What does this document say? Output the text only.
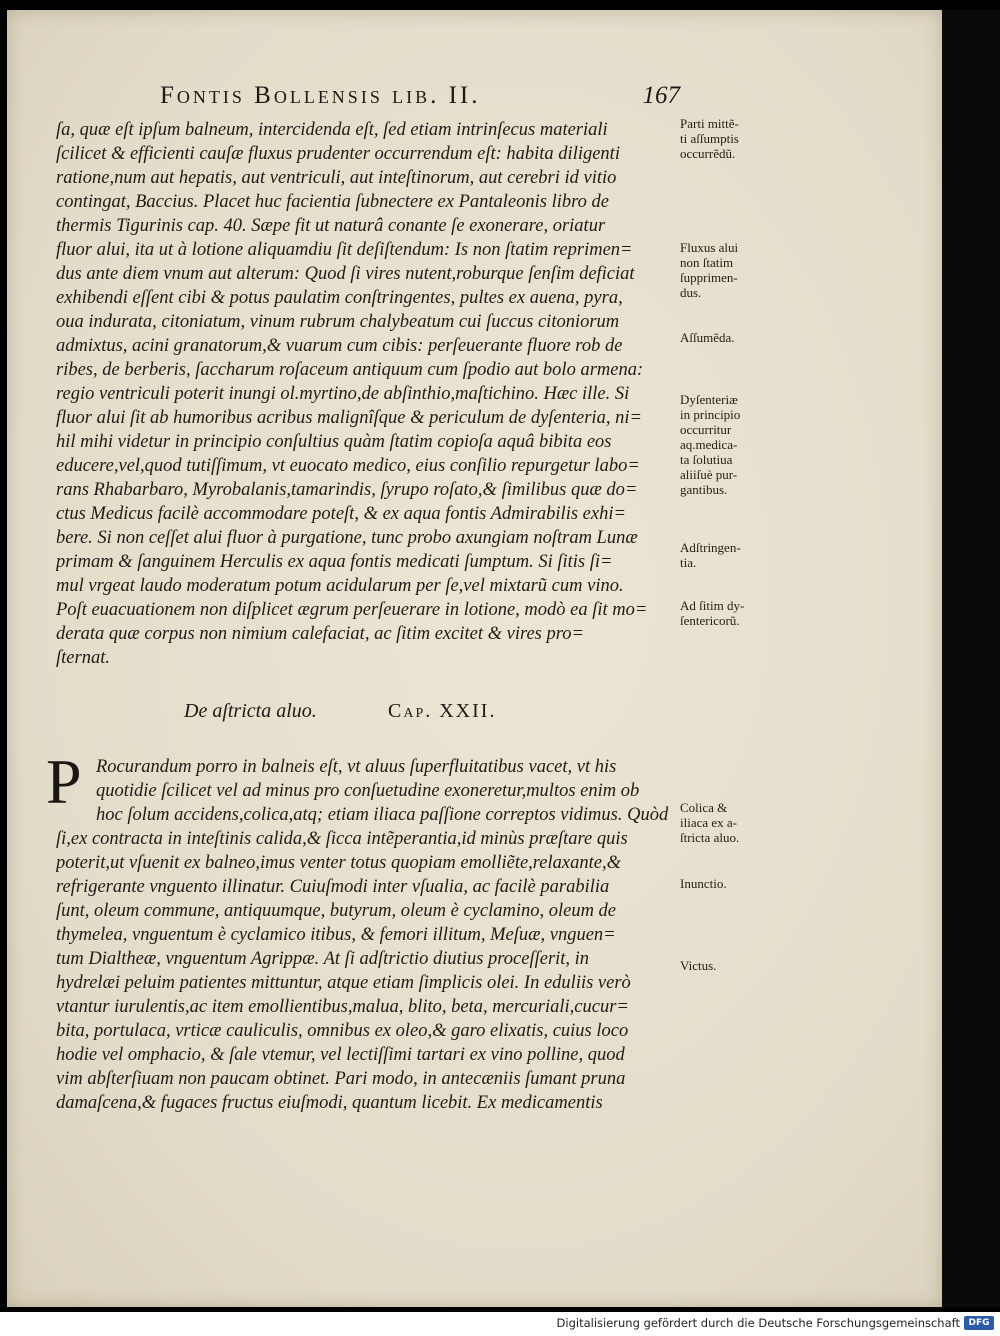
Fontis Bollensis lib. II.	167
ſa, quæ eſt ipſum balneum, intercidenda eſt, ſed etiam intrinſecus materiali
ſcilicet & efficienti cauſæ fluxus prudenter occurrendum eſt: habita diligenti
ratione,num aut hepatis, aut ventriculi, aut inteſtinorum, aut cerebri id vitio
contingat, Baccius. Placet huc facientia ſubnectere ex Pantaleonis libro de
thermis Tigurinis cap. 40. Sæpe fit ut naturâ conante ſe exonerare, oriatur
fluor alui, ita ut à lotione aliquamdiu ſit deſiſtendum: Is non ſtatim reprimen=
dus ante diem vnum aut alterum: Quod ſi vires nutent,roburque ſenſim deficiat
exhibendi eſſent cibi & potus paulatim conſtringentes, pultes ex auena, pyra,
oua indurata, citoniatum, vinum rubrum chalybeatum cui ſuccus citoniorum
admixtus, acini granatorum,& vuarum cum cibis: perſeuerante fluore rob de
ribes, de berberis, ſaccharum roſaceum antiquum cum ſpodio aut bolo armena:
regio ventriculi poterit inungi ol.myrtino,de abſinthio,maſtichino. Hæc ille. Si
fluor alui ſit ab humoribus acribus malignîſque & periculum de dyſenteria, ni=
hil mihi videtur in principio conſultius quàm ſtatim copioſa aquâ bibita eos
educere,vel,quod tutiſſimum, vt euocato medico, eius conſilio repurgetur labo=
rans Rhabarbaro, Myrobalanis,tamarindis, ſyrupo roſato,& ſimilibus quæ do=
ctus Medicus facilè accommodare poteſt, & ex aqua fontis Admirabilis exhi=
bere. Si non ceſſet alui fluor à purgatione, tunc probo axungiam noſtram Lunæ
primam & ſanguinem Herculis ex aqua fontis medicati ſumptum. Si ſitis ſi=
mul vrgeat laudo moderatum potum acidularum per ſe,vel mixtarũ cum vino.
Poſt euacuationem non diſplicet ægrum perſeuerare in lotione, modò ea ſit mo=
derata quæ corpus non nimium calefaciat, ac ſitim excitet & vires pro=
ſternat.
De aſtricta aluo.	Cap. XXII.
P Rocurandum porro in balneis eſt, vt aluus ſuperfluitatibus vacet, vt his
quotidie ſcilicet vel ad minus pro conſuetudine exoneretur,multos enim ob
hoc ſolum accidens,colica,atq; etiam iliaca paſſione correptos vidimus. Quòd
ſi,ex contracta in inteſtinis calida,& ſicca intẽperantia,id minùs præſtare quis
poterit,ut vſuenit ex balneo,imus venter totus quopiam emolliẽte,relaxante,&
refrigerante vnguento illinatur. Cuiuſmodi inter vſualia, ac facilè parabilia
ſunt, oleum commune, antiquumque, butyrum, oleum è cyclamino, oleum de
thymelea, vnguentum è cyclamico itibus, & femori illitum, Meſuæ, vnguen=
tum Dialtheæ, vnguentum Agrippæ. At ſi adſtrictio diutius proceſſerit, in
hydrelæi peluim patientes mittuntur, atque etiam ſimplicis olei. In eduliis verò
vtantur iurulentis,ac item emollientibus,malua, blito, beta, mercuriali,cucur=
bita, portulaca, vrticæ cauliculis, omnibus ex oleo,& garo elixatis, cuius loco
hodie vel omphacio, & ſale vtemur, vel lectiſſimi tartari ex vino polline, quod
vim abſterſiuam non paucam obtinet. Pari modo, in antecæniis ſumant pruna
damaſcena,& fugaces fructus eiuſmodi, quantum licebit. Ex medicamentis
Parti mittẽ-
ti aſſumptis
occurrẽdũ.
Fluxus alui
non ſtatim
ſupprimen-
dus.
Aſſumẽda.
Dyſenteriæ
in principio
occurritur
aq.medica-
ta ſolutiua
aliiſuè pur-
gantibus.
Adſtringen-
tia.
Ad ſitim dy-
ſentericorũ.
Colica &
iliaca ex a-
ſtricta aluo.
Inunctio.
Victus.
Digitalisierung gefördert durch die Deutsche Forschungsgemeinschaft DFG
